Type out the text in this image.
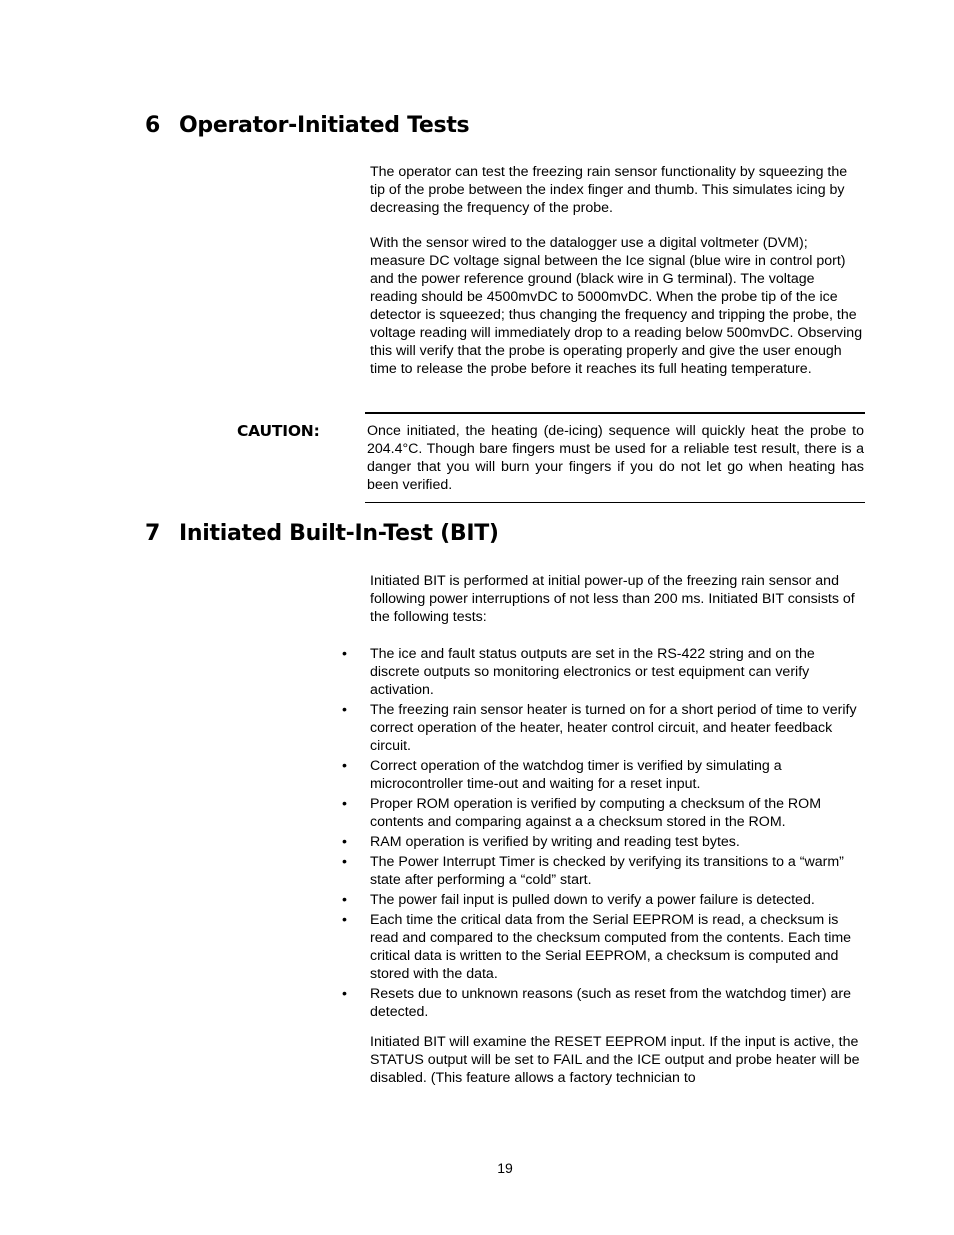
6 Operator-Initiated Tests

The operator can test the freezing rain sensor functionality by squeezing the tip of the probe between the index finger and thumb. This simulates icing by decreasing the frequency of the probe.

With the sensor wired to the datalogger use a digital voltmeter (DVM); measure DC voltage signal between the Ice signal (blue wire in control port) and the power reference ground (black wire in G terminal). The voltage reading should be 4500mvDC to 5000mvDC. When the probe tip of the ice detector is squeezed; thus changing the frequency and tripping the probe, the voltage reading will immediately drop to a reading below 500mvDC. Observing this will verify that the probe is operating properly and give the user enough time to release the probe before it reaches its full heating temperature.

CAUTION:	Once initiated, the heating (de-icing) sequence will quickly heat the probe to 204.4°C. Though bare fingers must be used for a reliable test result, there is a danger that you will burn your fingers if you do not let go when heating has been verified.

7 Initiated Built-In-Test (BIT)

Initiated BIT is performed at initial power-up of the freezing rain sensor and following power interruptions of not less than 200 ms. Initiated BIT consists of the following tests:

• The ice and fault status outputs are set in the RS-422 string and on the discrete outputs so monitoring electronics or test equipment can verify activation.
• The freezing rain sensor heater is turned on for a short period of time to verify correct operation of the heater, heater control circuit, and heater feedback circuit.
• Correct operation of the watchdog timer is verified by simulating a microcontroller time-out and waiting for a reset input.
• Proper ROM operation is verified by computing a checksum of the ROM contents and comparing against a a checksum stored in the ROM.
• RAM operation is verified by writing and reading test bytes.
• The Power Interrupt Timer is checked by verifying its transitions to a “warm” state after performing a “cold” start.
• The power fail input is pulled down to verify a power failure is detected.
• Each time the critical data from the Serial EEPROM is read, a checksum is read and compared to the checksum computed from the contents. Each time critical data is written to the Serial EEPROM, a checksum is computed and stored with the data.
• Resets due to unknown reasons (such as reset from the watchdog timer) are detected.

Initiated BIT will examine the RESET EEPROM input. If the input is active, the STATUS output will be set to FAIL and the ICE output and probe heater will be disabled. (This feature allows a factory technician to

19
